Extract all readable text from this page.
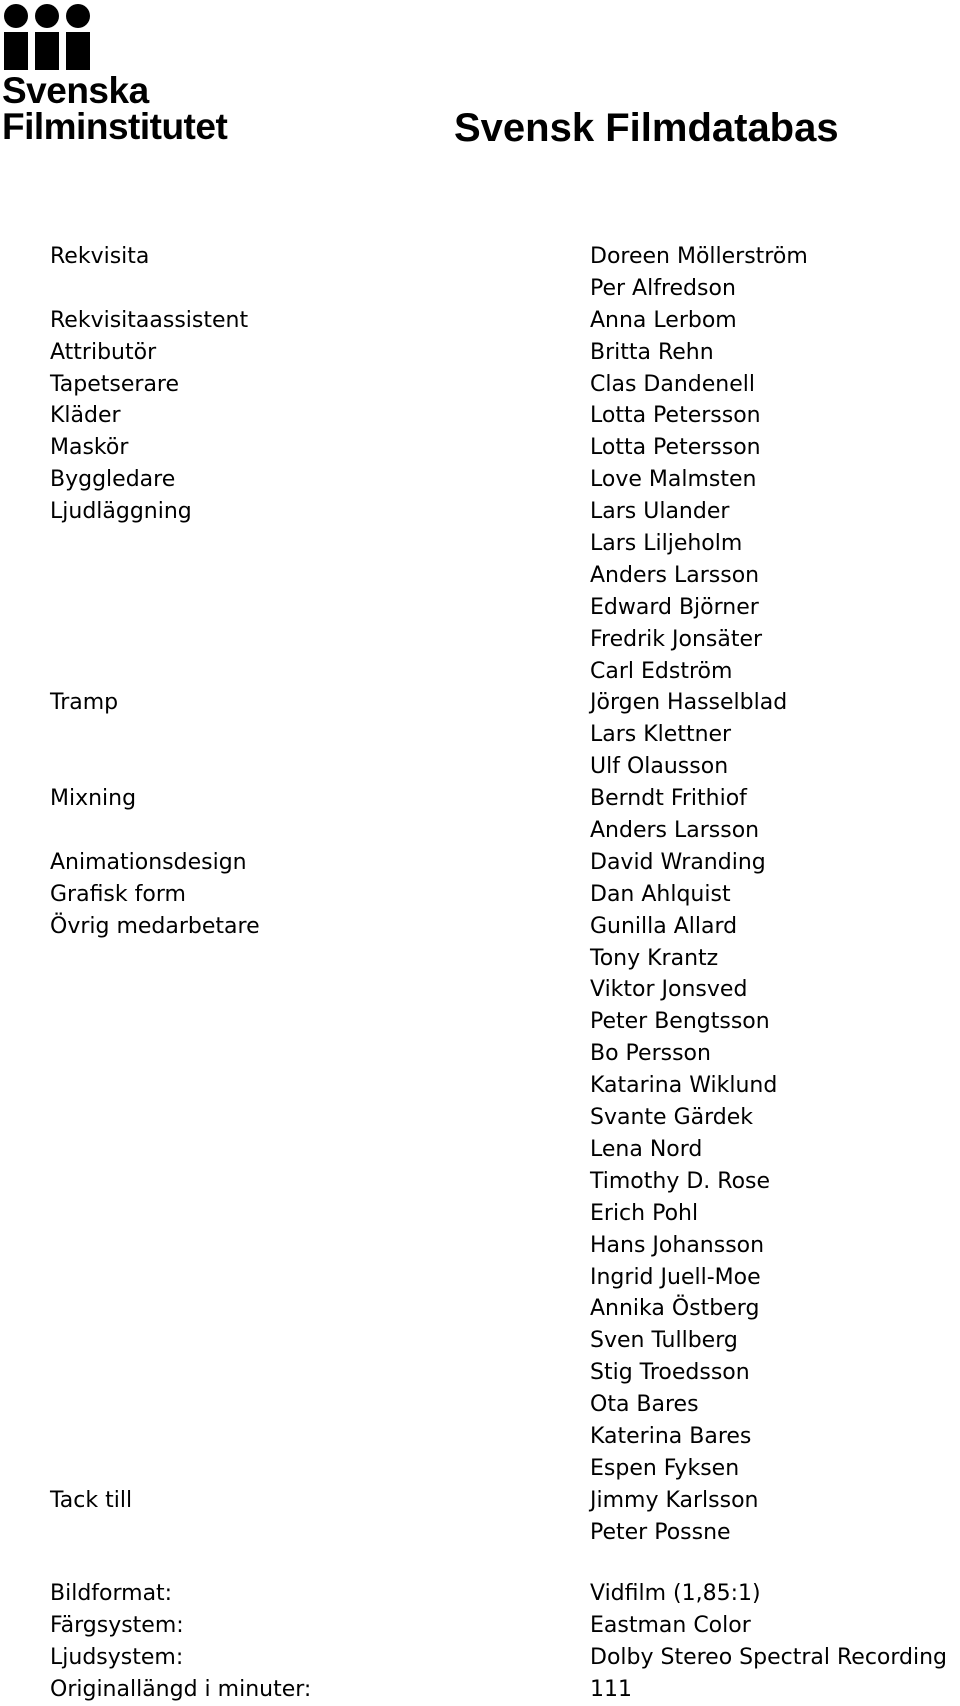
Svenska
Filminstitutet	Svensk Filmdatabas
Rekvisita	Doreen Möllerström
Per Alfredson
Rekvisitaassistent	Anna Lerbom
Attributör	Britta Rehn
Tapetserare	Clas Dandenell
Kläder	Lotta Petersson
Maskör	Lotta Petersson
Byggledare	Love Malmsten
Ljudläggning	Lars Ulander
Lars Liljeholm
Anders Larsson
Edward Björner
Fredrik Jonsäter
Carl Edström
Tramp	Jörgen Hasselblad
Lars Klettner
Ulf Olausson
Mixning	Berndt Frithiof
Anders Larsson
Animationsdesign	David Wranding
Grafisk form	Dan Ahlquist
Övrig medarbetare	Gunilla Allard
Tony Krantz
Viktor Jonsved
Peter Bengtsson
Bo Persson
Katarina Wiklund
Svante Gärdek
Lena Nord
Timothy D. Rose
Erich Pohl
Hans Johansson
Ingrid Juell-Moe
Annika Östberg
Sven Tullberg
Stig Troedsson
Ota Bares
Katerina Bares
Espen Fyksen
Tack till	Jimmy Karlsson
Peter Possne
Bildformat:	Vidfilm (1,85:1)
Färgsystem:	Eastman Color
Ljudsystem:	Dolby Stereo Spectral Recording
Originallängd i minuter:	111
